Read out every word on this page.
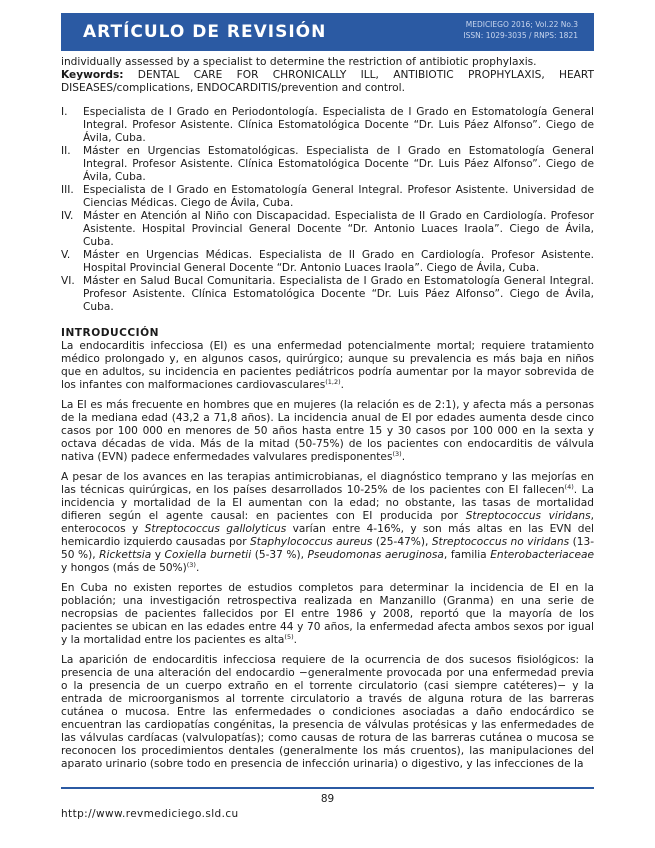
ARTÍCULO DE REVISIÓN	MEDICIEGO 2016; Vol.22 No.3
ISSN: 1029-3035 / RNPS: 1821

individually assessed by a specialist to determine the restriction of antibiotic prophylaxis.

Keywords: DENTAL CARE FOR CHRONICALLY ILL, ANTIBIOTIC PROPHYLAXIS, HEART DISEASES/complications, ENDOCARDITIS/prevention and control.

I. Especialista de I Grado en Periodontología. Especialista de I Grado en Estomatología General Integral. Profesor Asistente. Clínica Estomatológica Docente “Dr. Luis Páez Alfonso”. Ciego de Ávila, Cuba.
II. Máster en Urgencias Estomatológicas. Especialista de I Grado en Estomatología General Integral. Profesor Asistente. Clínica Estomatológica Docente “Dr. Luis Páez Alfonso”. Ciego de Ávila, Cuba.
III. Especialista de I Grado en Estomatología General Integral. Profesor Asistente. Universidad de Ciencias Médicas. Ciego de Ávila, Cuba.
IV. Máster en Atención al Niño con Discapacidad. Especialista de II Grado en Cardiología. Profesor Asistente. Hospital Provincial General Docente “Dr. Antonio Luaces Iraola”. Ciego de Ávila, Cuba.
V. Máster en Urgencias Médicas. Especialista de II Grado en Cardiología. Profesor Asistente. Hospital Provincial General Docente “Dr. Antonio Luaces Iraola”. Ciego de Ávila, Cuba.
VI. Máster en Salud Bucal Comunitaria. Especialista de I Grado en Estomatología General Integral. Profesor Asistente. Clínica Estomatológica Docente “Dr. Luis Páez Alfonso”. Ciego de Ávila, Cuba.
INTRODUCCIÓN

La endocarditis infecciosa (EI) es una enfermedad potencialmente mortal; requiere tratamiento médico prolongado y, en algunos casos, quirúrgico; aunque su prevalencia es más baja en niños que en adultos, su incidencia en pacientes pediátricos podría aumentar por la mayor sobrevida de los infantes con malformaciones cardiovasculares$^{(1,2)}$.

La EI es más frecuente en hombres que en mujeres (la relación es de 2:1), y afecta más a personas de la mediana edad (43,2 a 71,8 años). La incidencia anual de EI por edades aumenta desde cinco casos por 100 000 en menores de 50 años hasta entre 15 y 30 casos por 100 000 en la sexta y octava décadas de vida. Más de la mitad (50-75%) de los pacientes con endocarditis de válvula nativa (EVN) padece enfermedades valvulares predisponentes$^{(3)}$.

A pesar de los avances en las terapias antimicrobianas, el diagnóstico temprano y las mejorías en las técnicas quirúrgicas, en los países desarrollados 10-25% de los pacientes con EI fallecen$^{(4)}$. La incidencia y mortalidad de la EI aumentan con la edad; no obstante, las tasas de mortalidad difieren según el agente causal: en pacientes con EI producida por Streptococcus viridans, enterococos y Streptococcus gallolyticus varían entre 4-16%, y son más altas en las EVN del hemicardio izquierdo causadas por Staphylococcus aureus (25-47%), Streptococcus no viridans (13-50 %), Rickettsia y Coxiella burnetii (5-37 %), Pseudomonas aeruginosa, familia Enterobacteriaceae y hongos (más de 50%)$^{(3)}$.

En Cuba no existen reportes de estudios completos para determinar la incidencia de EI en la población; una investigación retrospectiva realizada en Manzanillo (Granma) en una serie de necropsias de pacientes fallecidos por EI entre 1986 y 2008, reportó que la mayoría de los pacientes se ubican en las edades entre 44 y 70 años, la enfermedad afecta ambos sexos por igual y la mortalidad entre los pacientes es alta$^{(5)}$.

La aparición de endocarditis infecciosa requiere de la ocurrencia de dos sucesos fisiológicos: la presencia de una alteración del endocardio −generalmente provocada por una enfermedad previa o la presencia de un cuerpo extraño en el torrente circulatorio (casi siempre catéteres)− y la entrada de microorganismos al torrente circulatorio a través de alguna rotura de las barreras cutánea o mucosa. Entre las enfermedades o condiciones asociadas a daño endocárdico se encuentran las cardiopatías congénitas, la presencia de válvulas protésicas y las enfermedades de las válvulas cardíacas (valvulopatías); como causas de rotura de las barreras cutánea o mucosa se reconocen los procedimientos dentales (generalmente los más cruentos), las manipulaciones del aparato urinario (sobre todo en presencia de infección urinaria) o digestivo, y las infecciones de la

89
http://www.revmediciego.sld.cu
